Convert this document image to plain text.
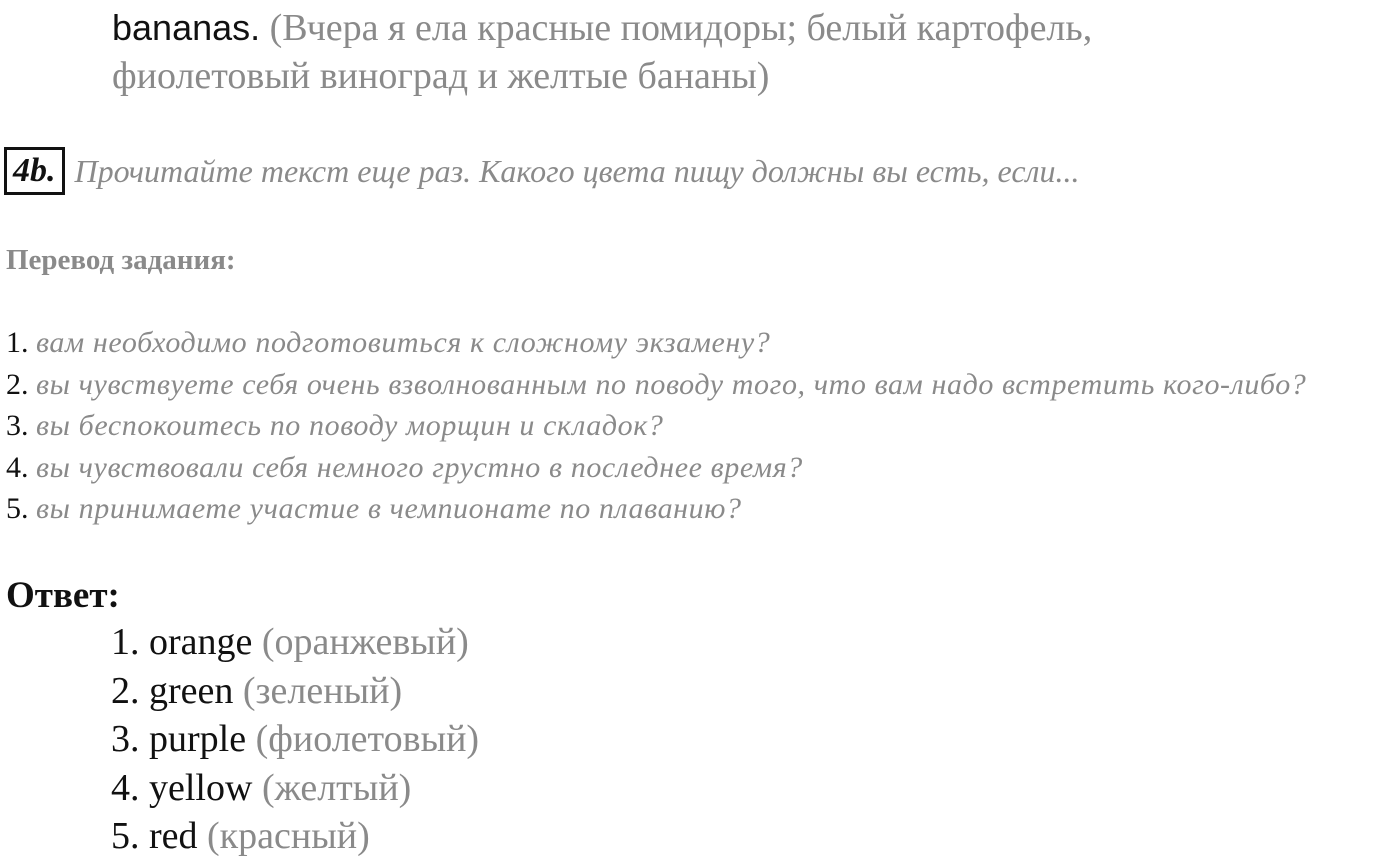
bananas. (Вчера я ела красные помидоры; белый картофель,
фиолетовый виноград и желтые бананы)
4b. Прочитайте текст еще раз. Какого цвета пищу должны вы есть, если...
Перевод задания:
1. вам необходимо подготовиться к сложному экзамену?
2. вы чувствуете себя очень взволнованным по поводу того, что вам надо встретить кого-либо?
3. вы беспокоитесь по поводу морщин и складок?
4. вы чувствовали себя немного грустно в последнее время?
5. вы принимаете участие в чемпионате по плаванию?
Ответ:
1. orange (оранжевый)
2. green (зеленый)
3. purple (фиолетовый)
4. yellow (желтый)
5. red (красный)
